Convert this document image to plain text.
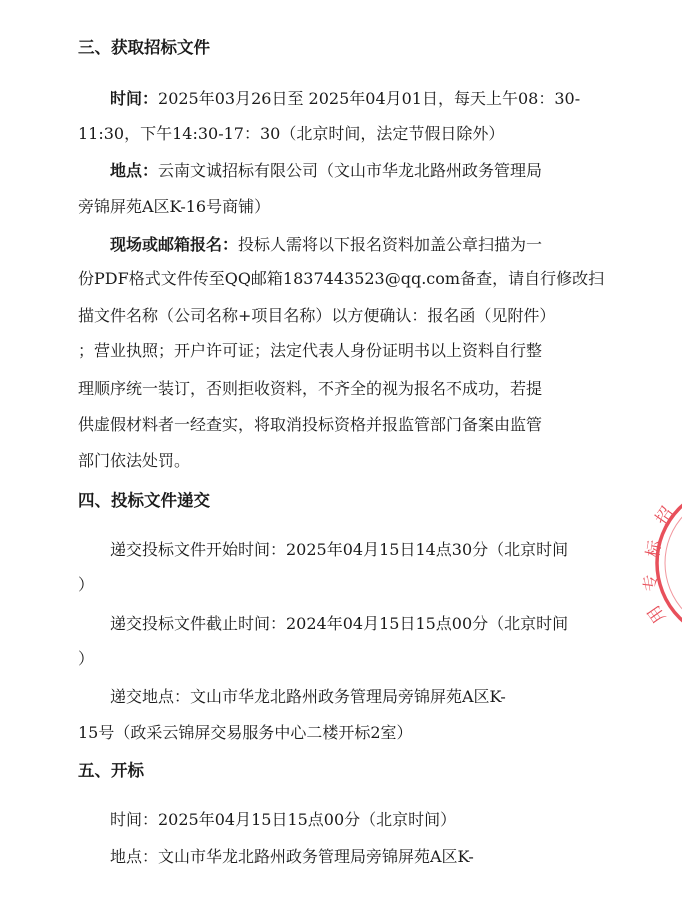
三、获取招标文件
时间：2025年03月26日至 2025年04月01日，每天上午08：30-
11:30，下午14:30-17：30（北京时间，法定节假日除外）
地点：云南文诚招标有限公司（文山市华龙北路州政务管理局
旁锦屏苑A区K-16号商铺）
现场或邮箱报名：投标人需将以下报名资料加盖公章扫描为一
份PDF格式文件传至QQ邮箱1837443523@qq.com备查，请自行修改扫
描文件名称（公司名称+项目名称）以方便确认：报名函（见附件）
；营业执照；开户许可证；法定代表人身份证明书以上资料自行整
理顺序统一装订，否则拒收资料，不齐全的视为报名不成功，若提
供虚假材料者一经查实，将取消投标资格并报监管部门备案由监管
部门依法处罚。
四、投标文件递交
递交投标文件开始时间：2025年04月15日14点30分（北京时间
）
递交投标文件截止时间：2024年04月15日15点00分（北京时间
）
递交地点：文山市华龙北路州政务管理局旁锦屏苑A区K-
15号（政采云锦屏交易服务中心二楼开标2室）
五、开标
时间：2025年04月15日15点00分（北京时间）
地点：文山市华龙北路州政务管理局旁锦屏苑A区K-
招
标
专
用
